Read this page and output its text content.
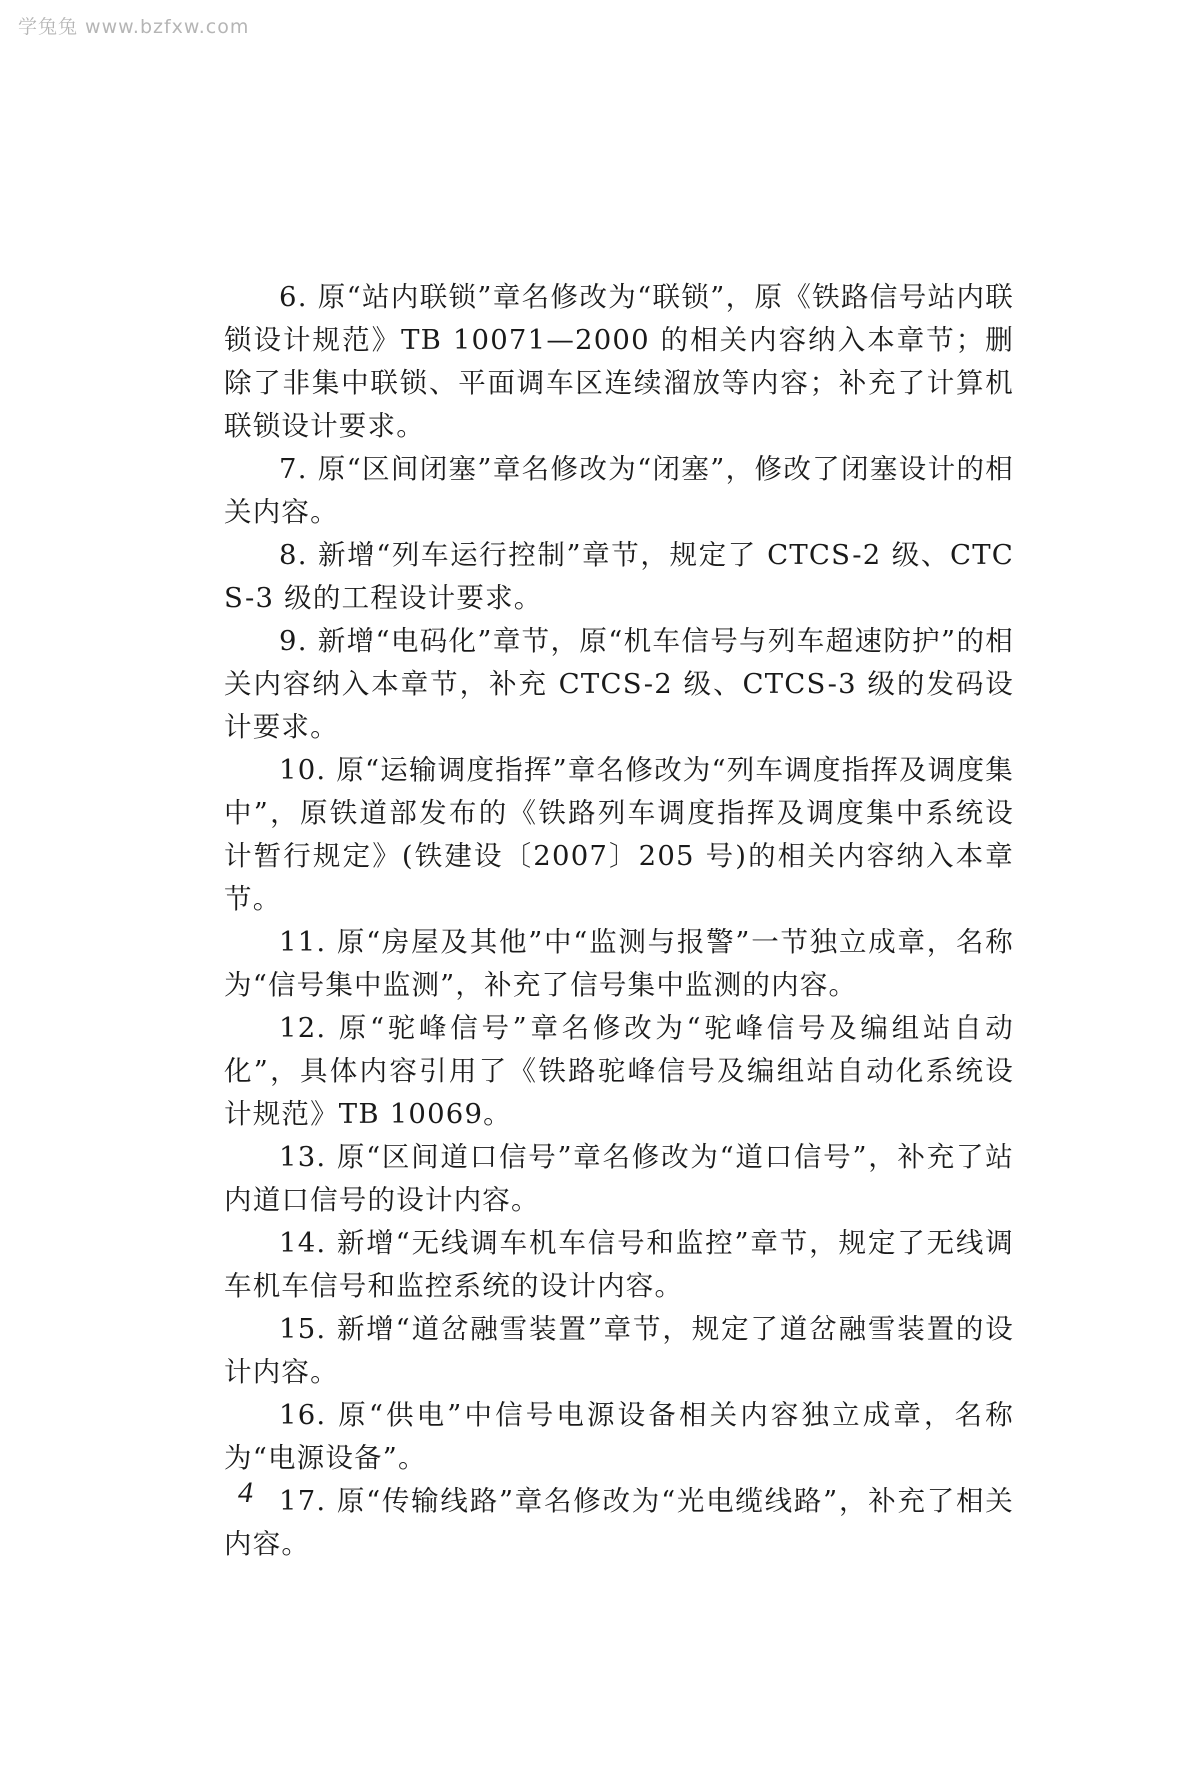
学兔兔 www.bzfxw.com

6. 原“站内联锁”章名修改为“联锁”，原《铁路信号站内联锁设计规范》TB 10071—2000 的相关内容纳入本章节；删除了非集中联锁、平面调车区连续溜放等内容；补充了计算机联锁设计要求。

7. 原“区间闭塞”章名修改为“闭塞”，修改了闭塞设计的相关内容。

8. 新增“列车运行控制”章节，规定了 CTCS-2 级、CTCS-3 级的工程设计要求。

9. 新增“电码化”章节，原“机车信号与列车超速防护”的相关内容纳入本章节，补充 CTCS-2 级、CTCS-3 级的发码设计要求。

10. 原“运输调度指挥”章名修改为“列车调度指挥及调度集中”，原铁道部发布的《铁路列车调度指挥及调度集中系统设计暂行规定》(铁建设〔2007〕205 号)的相关内容纳入本章节。

11. 原“房屋及其他”中“监测与报警”一节独立成章，名称为“信号集中监测”，补充了信号集中监测的内容。

12. 原“驼峰信号”章名修改为“驼峰信号及编组站自动化”，具体内容引用了《铁路驼峰信号及编组站自动化系统设计规范》TB 10069。

13. 原“区间道口信号”章名修改为“道口信号”，补充了站内道口信号的设计内容。

14. 新增“无线调车机车信号和监控”章节，规定了无线调车机车信号和监控系统的设计内容。

15. 新增“道岔融雪装置”章节，规定了道岔融雪装置的设计内容。

16. 原“供电”中信号电源设备相关内容独立成章，名称为“电源设备”。

17. 原“传输线路”章名修改为“光电缆线路”，补充了相关内容。

4
